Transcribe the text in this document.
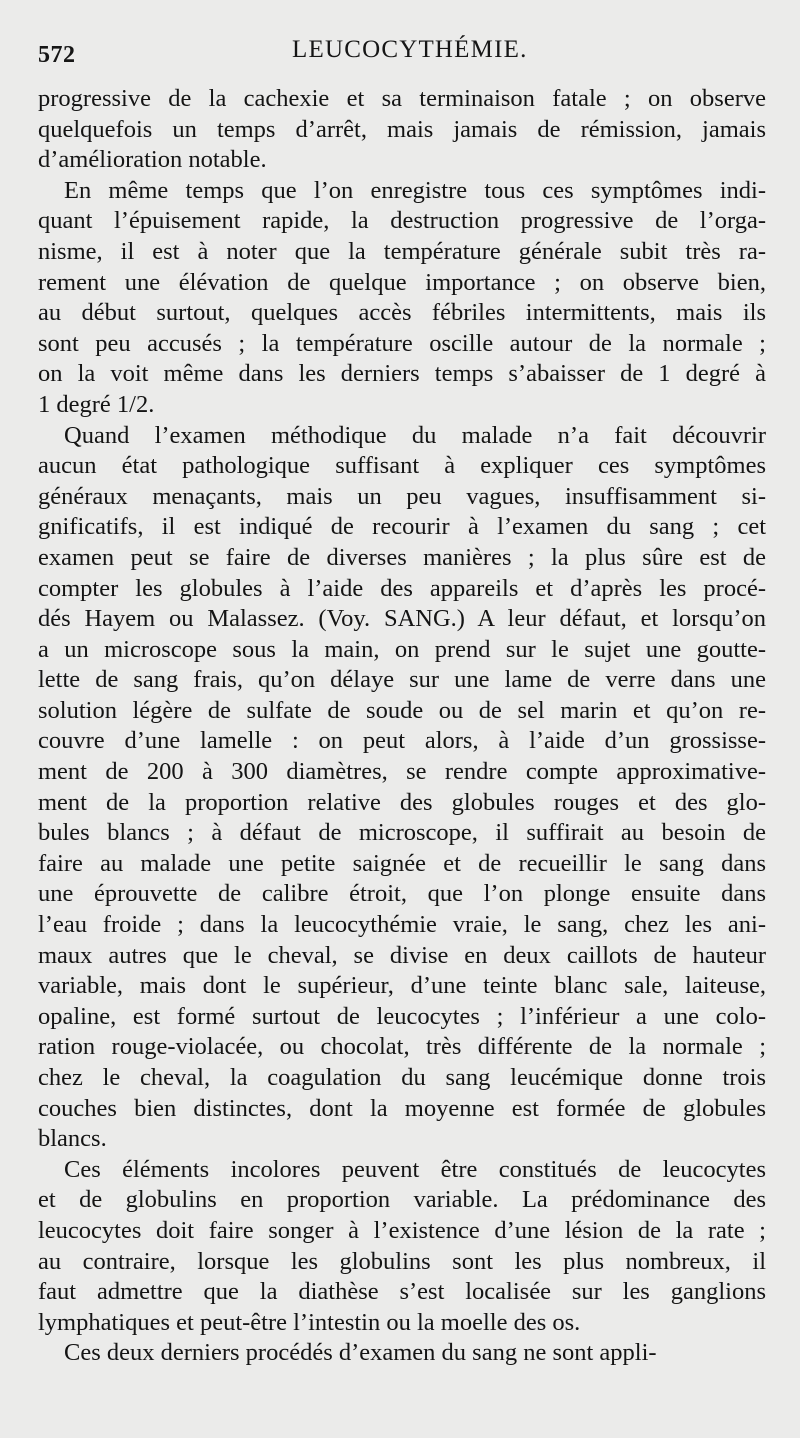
572	LEUCOCYTHÉMIE.
progressive de la cachexie et sa terminaison fatale ; on observe
quelquefois un temps d’arrêt, mais jamais de rémission, jamais
d’amélioration notable.
En même temps que l’on enregistre tous ces symptômes indi-
quant l’épuisement rapide, la destruction progressive de l’orga-
nisme, il est à noter que la température générale subit très ra-
rement une élévation de quelque importance ; on observe bien,
au début surtout, quelques accès fébriles intermittents, mais ils
sont peu accusés ; la température oscille autour de la normale ;
on la voit même dans les derniers temps s’abaisser de 1 degré à
1 degré 1/2.
Quand l’examen méthodique du malade n’a fait découvrir
aucun état pathologique suffisant à expliquer ces symptômes
généraux menaçants, mais un peu vagues, insuffisamment si-
gnificatifs, il est indiqué de recourir à l’examen du sang ; cet
examen peut se faire de diverses manières ; la plus sûre est de
compter les globules à l’aide des appareils et d’après les procé-
dés Hayem ou Malassez. (Voy. SANG.) A leur défaut, et lorsqu’on
a un microscope sous la main, on prend sur le sujet une goutte-
lette de sang frais, qu’on délaye sur une lame de verre dans une
solution légère de sulfate de soude ou de sel marin et qu’on re-
couvre d’une lamelle : on peut alors, à l’aide d’un grossisse-
ment de 200 à 300 diamètres, se rendre compte approximative-
ment de la proportion relative des globules rouges et des glo-
bules blancs ; à défaut de microscope, il suffirait au besoin de
faire au malade une petite saignée et de recueillir le sang dans
une éprouvette de calibre étroit, que l’on plonge ensuite dans
l’eau froide ; dans la leucocythémie vraie, le sang, chez les ani-
maux autres que le cheval, se divise en deux caillots de hauteur
variable, mais dont le supérieur, d’une teinte blanc sale, laiteuse,
opaline, est formé surtout de leucocytes ; l’inférieur a une colo-
ration rouge-violacée, ou chocolat, très différente de la normale ;
chez le cheval, la coagulation du sang leucémique donne trois
couches bien distinctes, dont la moyenne est formée de globules
blancs.
Ces éléments incolores peuvent être constitués de leucocytes
et de globulins en proportion variable. La prédominance des
leucocytes doit faire songer à l’existence d’une lésion de la rate ;
au contraire, lorsque les globulins sont les plus nombreux, il
faut admettre que la diathèse s’est localisée sur les ganglions
lymphatiques et peut-être l’intestin ou la moelle des os.
Ces deux derniers procédés d’examen du sang ne sont appli-
